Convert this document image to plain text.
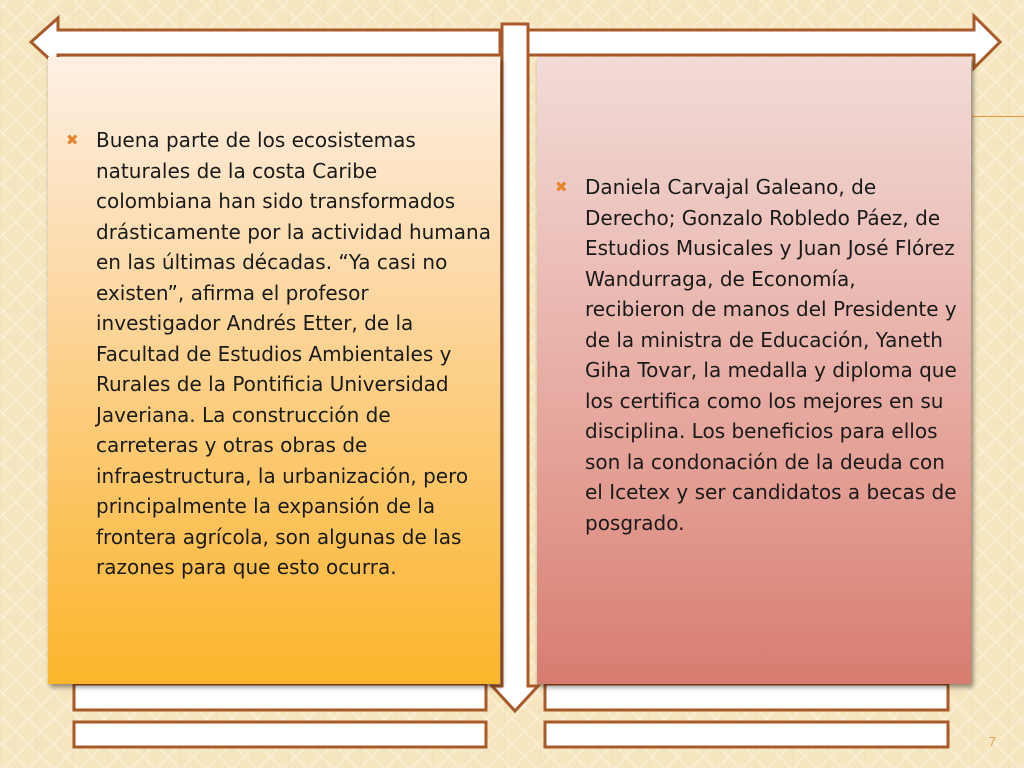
✖ Buena parte de los ecosistemas naturales de la costa Caribe colombiana han sido transformados drásticamente por la actividad humana en las últimas décadas. “Ya casi no existen”, afirma el profesor investigador Andrés Etter, de la Facultad de Estudios Ambientales y Rurales de la Pontificia Universidad Javeriana. La construcción de carreteras y otras obras de infraestructura, la urbanización, pero principalmente la expansión de la frontera agrícola, son algunas de las razones para que esto ocurra.

✖ Daniela Carvajal Galeano, de Derecho; Gonzalo Robledo Páez, de Estudios Musicales y Juan José Flórez Wandurraga, de Economía, recibieron de manos del Presidente y de la ministra de Educación, Yaneth Giha Tovar, la medalla y diploma que los certifica como los mejores en su disciplina. Los beneficios para ellos son la condonación de la deuda con el Icetex y ser candidatos a becas de posgrado.

7
